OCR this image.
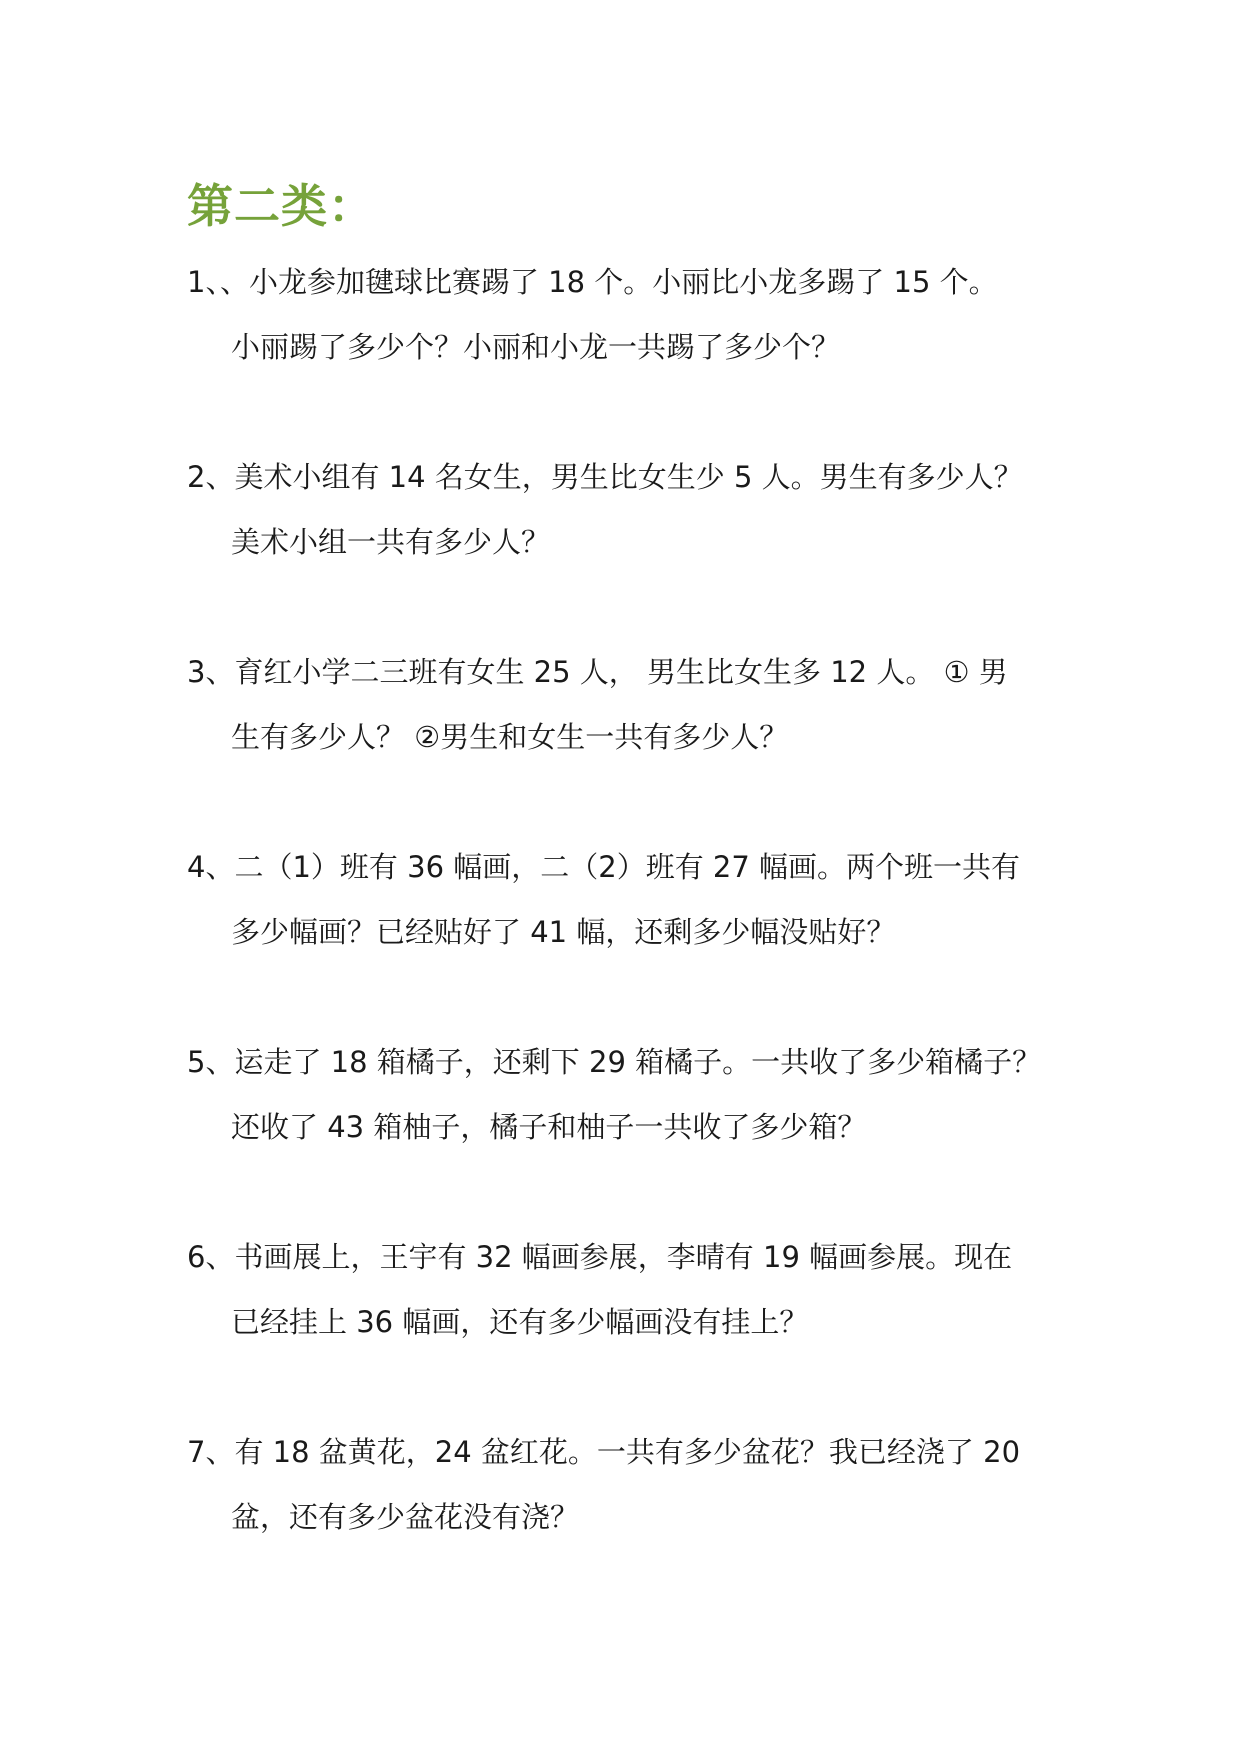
第二类：
1、、小龙参加毽球比赛踢了 18 个。小丽比小龙多踢了 15 个。
小丽踢了多少个？小丽和小龙一共踢了多少个？
2、美术小组有 14 名女生，男生比女生少 5 人。男生有多少人？
美术小组一共有多少人？
3、育红小学二三班有女生 25 人， 男生比女生多 12 人。 ① 男
生有多少人？ ②男生和女生一共有多少人？
4、二（1）班有 36 幅画，二（2）班有 27 幅画。两个班一共有
多少幅画？已经贴好了 41 幅，还剩多少幅没贴好？
5、运走了 18 箱橘子，还剩下 29 箱橘子。一共收了多少箱橘子？
还收了 43 箱柚子，橘子和柚子一共收了多少箱？
6、书画展上，王宇有 32 幅画参展，李晴有 19 幅画参展。现在
已经挂上 36 幅画，还有多少幅画没有挂上？
7、有 18 盆黄花，24 盆红花。一共有多少盆花？我已经浇了 20
盆，还有多少盆花没有浇？
